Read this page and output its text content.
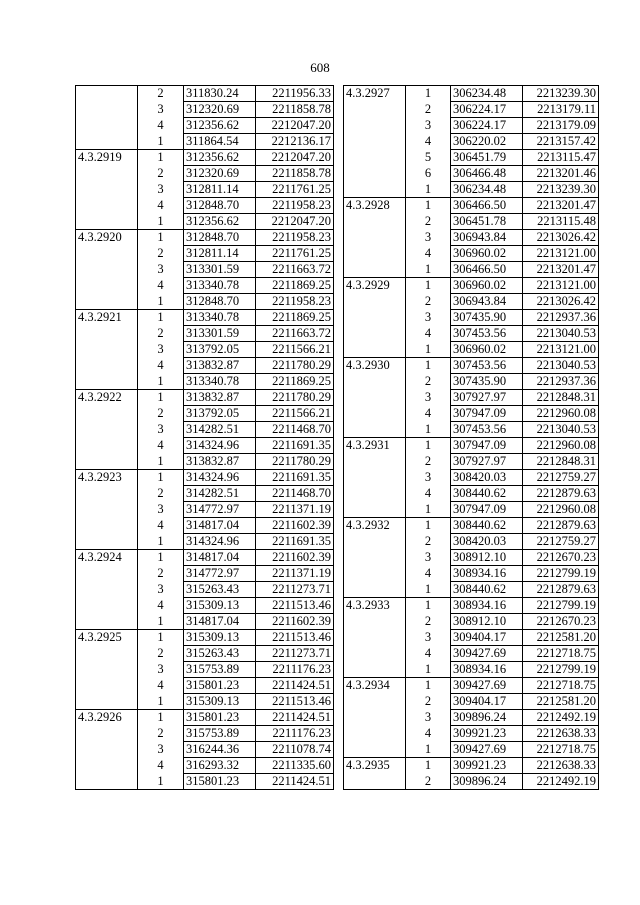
608
	2	311830.24	2211956.33
	3	312320.69	2211858.78
	4	312356.62	2212047.20
	1	311864.54	2212136.17
4.3.2919	1	312356.62	2212047.20
	2	312320.69	2211858.78
	3	312811.14	2211761.25
	4	312848.70	2211958.23
	1	312356.62	2212047.20
4.3.2920	1	312848.70	2211958.23
	2	312811.14	2211761.25
	3	313301.59	2211663.72
	4	313340.78	2211869.25
	1	312848.70	2211958.23
4.3.2921	1	313340.78	2211869.25
	2	313301.59	2211663.72
	3	313792.05	2211566.21
	4	313832.87	2211780.29
	1	313340.78	2211869.25
4.3.2922	1	313832.87	2211780.29
	2	313792.05	2211566.21
	3	314282.51	2211468.70
	4	314324.96	2211691.35
	1	313832.87	2211780.29
4.3.2923	1	314324.96	2211691.35
	2	314282.51	2211468.70
	3	314772.97	2211371.19
	4	314817.04	2211602.39
	1	314324.96	2211691.35
4.3.2924	1	314817.04	2211602.39
	2	314772.97	2211371.19
	3	315263.43	2211273.71
	4	315309.13	2211513.46
	1	314817.04	2211602.39
4.3.2925	1	315309.13	2211513.46
	2	315263.43	2211273.71
	3	315753.89	2211176.23
	4	315801.23	2211424.51
	1	315309.13	2211513.46
4.3.2926	1	315801.23	2211424.51
	2	315753.89	2211176.23
	3	316244.36	2211078.74
	4	316293.32	2211335.60
	1	315801.23	2211424.51
4.3.2927	1	306234.48	2213239.30
	2	306224.17	2213179.11
	3	306224.17	2213179.09
	4	306220.02	2213157.42
	5	306451.79	2213115.47
	6	306466.48	2213201.46
	1	306234.48	2213239.30
4.3.2928	1	306466.50	2213201.47
	2	306451.78	2213115.48
	3	306943.84	2213026.42
	4	306960.02	2213121.00
	1	306466.50	2213201.47
4.3.2929	1	306960.02	2213121.00
	2	306943.84	2213026.42
	3	307435.90	2212937.36
	4	307453.56	2213040.53
	1	306960.02	2213121.00
4.3.2930	1	307453.56	2213040.53
	2	307435.90	2212937.36
	3	307927.97	2212848.31
	4	307947.09	2212960.08
	1	307453.56	2213040.53
4.3.2931	1	307947.09	2212960.08
	2	307927.97	2212848.31
	3	308420.03	2212759.27
	4	308440.62	2212879.63
	1	307947.09	2212960.08
4.3.2932	1	308440.62	2212879.63
	2	308420.03	2212759.27
	3	308912.10	2212670.23
	4	308934.16	2212799.19
	1	308440.62	2212879.63
4.3.2933	1	308934.16	2212799.19
	2	308912.10	2212670.23
	3	309404.17	2212581.20
	4	309427.69	2212718.75
	1	308934.16	2212799.19
4.3.2934	1	309427.69	2212718.75
	2	309404.17	2212581.20
	3	309896.24	2212492.19
	4	309921.23	2212638.33
	1	309427.69	2212718.75
4.3.2935	1	309921.23	2212638.33
	2	309896.24	2212492.19
